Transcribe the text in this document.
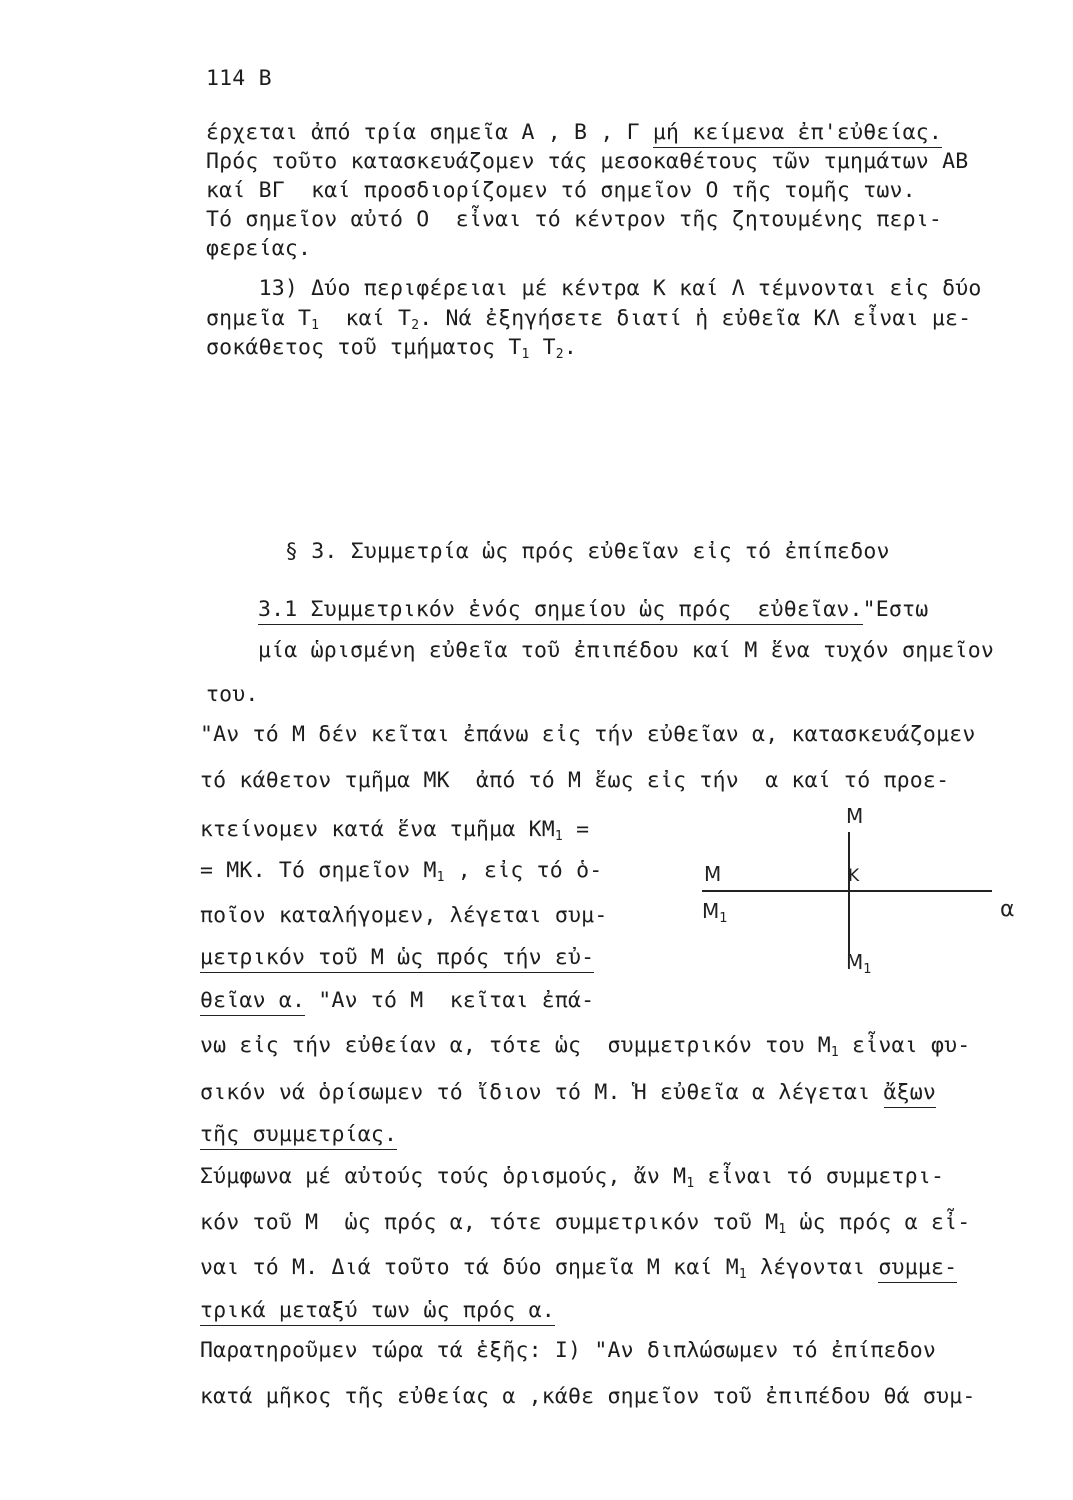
114 B
έρχεται ἀπό τρία σημεῖα Α , Β , Γ μή κείμενα ἐπ'εὐθείας.
Πρός τοῦτο κατασκευάζομεν τάς μεσοκαθέτους τῶν τμημάτων ΑΒ
καί ΒΓ  καί προσδιορίζομεν τό σημεῖον Ο τῆς τομῆς των.
Τό σημεῖον αὐτό Ο  εἶναι τό κέντρον τῆς ζητουμένης περι-
φερείας.
13) Δύο περιφέρειαι μέ κέντρα Κ καί Λ τέμνονται εἰς δύο
σημεῖα $T_1$  καί $T_2$. Νά ἐξηγήσετε διατί ἡ εὐθεῖα ΚΛ εἶναι με-
σοκάθετος τοῦ τμήματος $T_1$ $T_2$.
§ 3. Συμμετρία ὡς πρός εὐθεῖαν εἰς τό ἐπίπεδον
3.1 Συμμετρικόν ἑνός σημείου ὡς πρός  εὐθεῖαν."Εστω
μία ὡρισμένη εὐθεῖα τοῦ ἐπιπέδου καί Μ ἕνα τυχόν σημεῖον
του.
"Αν τό Μ δέν κεῖται ἐπάνω εἰς τήν εὐθεῖαν α, κατασκευάζομεν
τό κάθετον τμῆμα ΜΚ  ἀπό τό Μ ἕως εἰς τήν  α καί τό προε-
κτείνομεν κατά ἕνα τμῆμα $KM_1$ =
= ΜΚ. Τό σημεῖον $M_1$ , εἰς τό ὁ-
ποῖον καταλήγομεν, λέγεται συμ-
μετρικόν τοῦ Μ ὡς πρός τήν εὐ-
θεῖαν α. "Αν τό Μ  κεῖται ἐπά-
νω εἰς τήν εὐθείαν α, τότε ὡς  συμμετρικόν του $M_1$ εἶναι φυ-
σικόν νά ὁρίσωμεν τό ἴδιον τό Μ. Ἡ εὐθεῖα α λέγεται ἄξων
τῆς συμμετρίας.
Σύμφωνα μέ αὐτούς τούς ὁρισμούς, ἄν $M_1$ εἶναι τό συμμετρι-
κόν τοῦ Μ  ὡς πρός α, τότε συμμετρικόν τοῦ $M_1$ ὡς πρός α εἶ-
ναι τό Μ. Διά τοῦτο τά δύο σημεῖα Μ καί $M_1$ λέγονται συμμε-
τρικά μεταξύ των ὡς πρός α.
Παρατηροῦμεν τώρα τά ἑξῆς: Ι) "Αν διπλώσωμεν τό ἐπίπεδον
κατά μῆκος τῆς εὐθείας α ,κάθε σημεῖον τοῦ ἐπιπέδου θά συμ-
Μ
Μ	Κ
$M_1$	α
$M_1$
